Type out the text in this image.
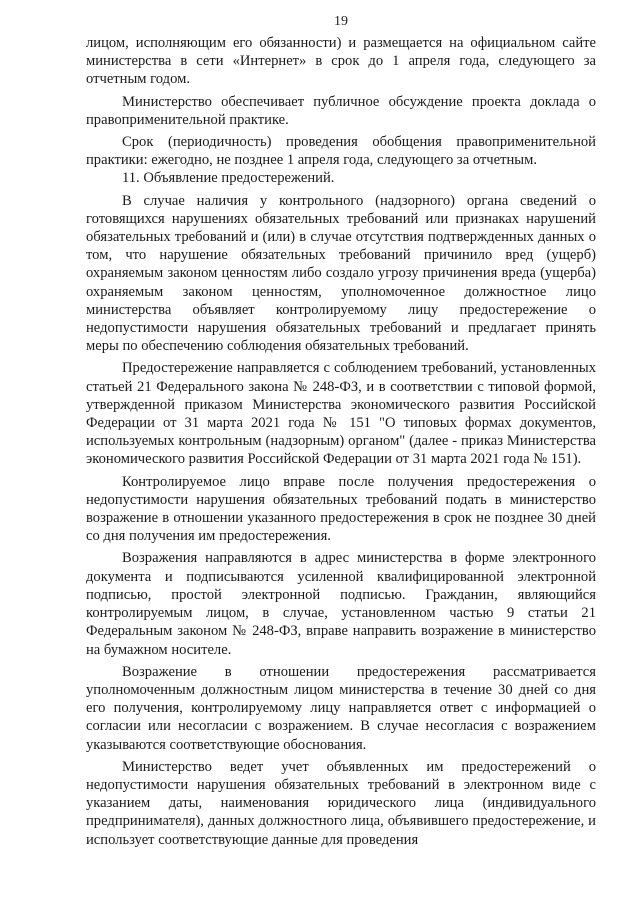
19

лицом, исполняющим его обязанности) и размещается на официальном сайте министерства в сети «Интернет» в срок до 1 апреля года, следующего за отчетным годом.

Министерство обеспечивает публичное обсуждение проекта доклада о правоприменительной практике.

Срок (периодичность) проведения обобщения правоприменительной практики: ежегодно, не позднее 1 апреля года, следующего за отчетным.

11. Объявление предостережений.

В случае наличия у контрольного (надзорного) органа сведений о готовящихся нарушениях обязательных требований или признаках нарушений обязательных требований и (или) в случае отсутствия подтвержденных данных о том, что нарушение обязательных требований причинило вред (ущерб) охраняемым законом ценностям либо создало угрозу причинения вреда (ущерба) охраняемым законом ценностям, уполномоченное должностное лицо министерства объявляет контролируемому лицу предостережение о недопустимости нарушения обязательных требований и предлагает принять меры по обеспечению соблюдения обязательных требований.

Предостережение направляется с соблюдением требований, установленных статьей 21 Федерального закона № 248-ФЗ, и в соответствии с типовой формой, утвержденной приказом Министерства экономического развития Российской Федерации от 31 марта 2021 года № 151 "О типовых формах документов, используемых контрольным (надзорным) органом" (далее - приказ Министерства экономического развития Российской Федерации от 31 марта 2021 года № 151).

Контролируемое лицо вправе после получения предостережения о недопустимости нарушения обязательных требований подать в министерство возражение в отношении указанного предостережения в срок не позднее 30 дней со дня получения им предостережения.

Возражения направляются в адрес министерства в форме электронного документа и подписываются усиленной квалифицированной электронной подписью, простой электронной подписью. Гражданин, являющийся контролируемым лицом, в случае, установленном частью 9 статьи 21 Федеральным законом № 248-ФЗ, вправе направить возражение в министерство на бумажном носителе.

Возражение в отношении предостережения рассматривается уполномоченным должностным лицом министерства в течение 30 дней со дня его получения, контролируемому лицу направляется ответ с информацией о согласии или несогласии с возражением. В случае несогласия с возражением указываются соответствующие обоснования.

Министерство ведет учет объявленных им предостережений о недопустимости нарушения обязательных требований в электронном виде с указанием даты, наименования юридического лица (индивидуального предпринимателя), данных должностного лица, объявившего предостережение, и использует соответствующие данные для проведения
